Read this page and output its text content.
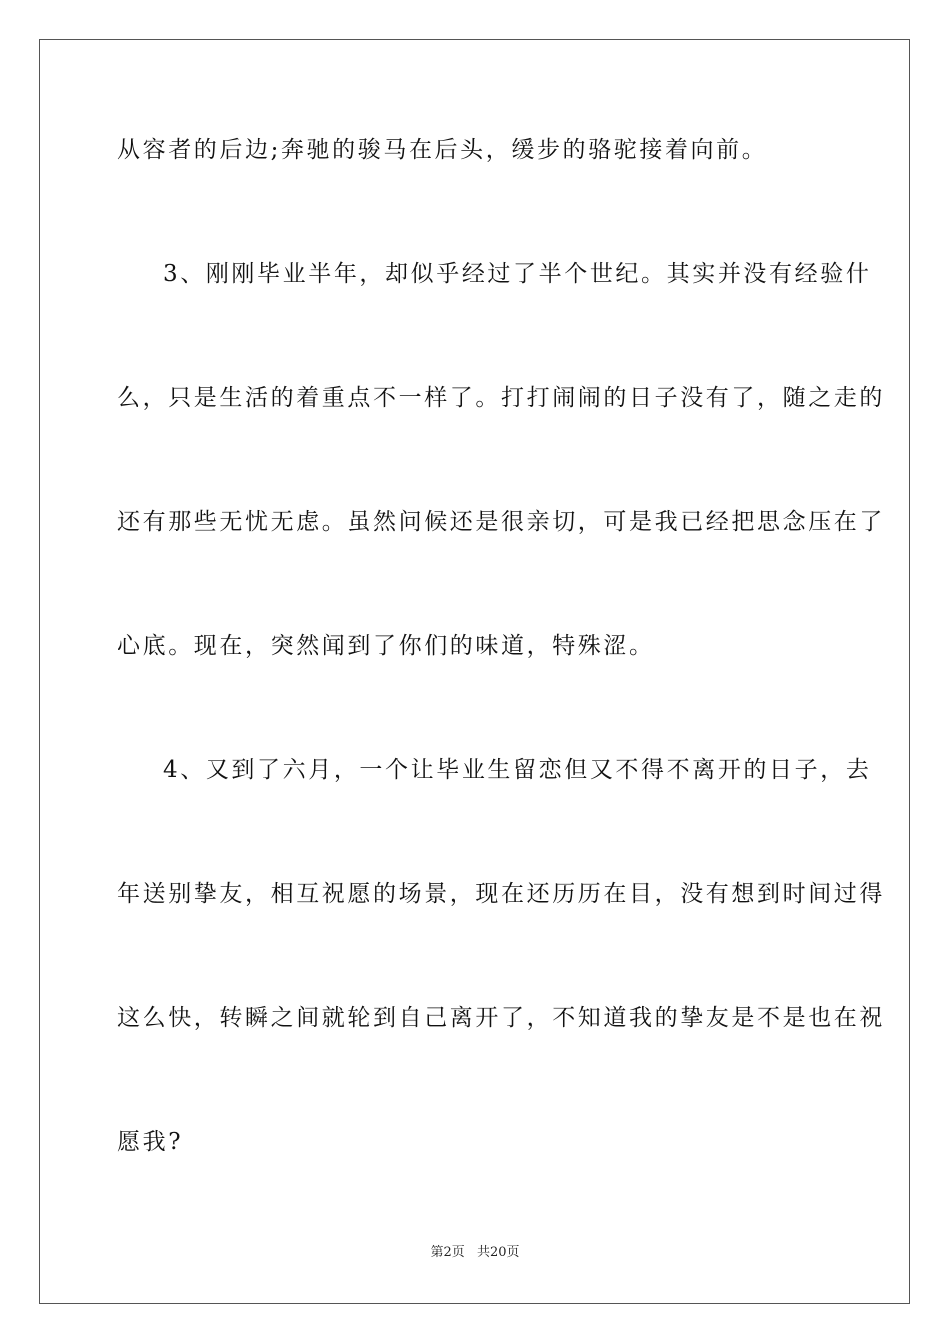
从容者的后边;奔驰的骏马在后头，缓步的骆驼接着向前。
3、刚刚毕业半年，却似乎经过了半个世纪。其实并没有经验什
么，只是生活的着重点不一样了。打打闹闹的日子没有了，随之走的
还有那些无忧无虑。虽然问候还是很亲切，可是我已经把思念压在了
心底。现在，突然闻到了你们的味道，特殊涩。
4、又到了六月，一个让毕业生留恋但又不得不离开的日子，去
年送别挚友，相互祝愿的场景，现在还历历在目，没有想到时间过得
这么快，转瞬之间就轮到自己离开了，不知道我的挚友是不是也在祝
愿我?
第2页 共20页
